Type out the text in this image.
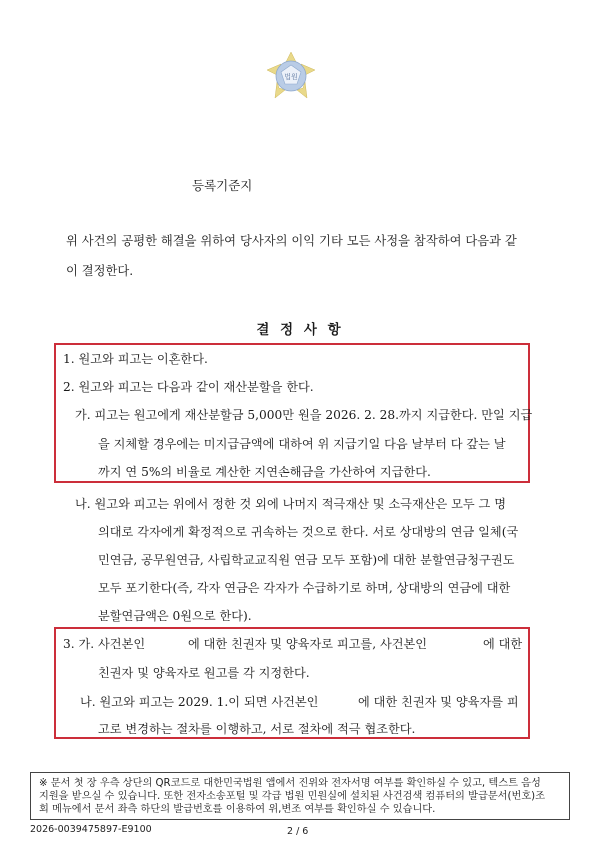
법원
등록기준지
위 사건의 공평한 해결을 위하여 당사자의 이익 기타 모든 사정을 참작하여 다음과 같
이 결정한다.
결 정 사 항
1. 원고와 피고는 이혼한다.
2. 원고와 피고는 다음과 같이 재산분할을 한다.
가. 피고는 원고에게 재산분할금 5,000만 원을 2026. 2. 28.까지 지급한다. 만일 지급
을 지체할 경우에는 미지급금액에 대하여 위 지급기일 다음 날부터 다 갚는 날
까지 연 5%의 비율로 계산한 지연손해금을 가산하여 지급한다.
나. 원고와 피고는 위에서 정한 것 외에 나머지 적극재산 및 소극재산은 모두 그 명
의대로 각자에게 확정적으로 귀속하는 것으로 한다. 서로 상대방의 연금 일체(국
민연금, 공무원연금, 사립학교교직원 연금 모두 포함)에 대한 분할연금청구권도
모두 포기한다(즉, 각자 연금은 각자가 수급하기로 하며, 상대방의 연금에 대한
분할연금액은 0원으로 한다).
3. 가. 사건본인	에 대한 친권자 및 양육자로 피고를, 사건본인	에 대한
친권자 및 양육자로 원고를 각 지정한다.
나. 원고와 피고는 2029. 1.이 되면 사건본인	에 대한 친권자 및 양육자를 피
고로 변경하는 절차를 이행하고, 서로 절차에 적극 협조한다.
※ 문서 첫 장 우측 상단의 QR코드로 대한민국법원 앱에서 진위와 전자서명 여부를 확인하실 수 있고, 텍스트 음성
지원을 받으실 수 있습니다. 또한 전자소송포털 및 각급 법원 민원실에 설치된 사건검색 컴퓨터의 발급문서(번호)조
회 메뉴에서 문서 좌측 하단의 발급번호를 이용하여 위,변조 여부를 확인하실 수 있습니다.
2026-0039475897-E9100	2 / 6
